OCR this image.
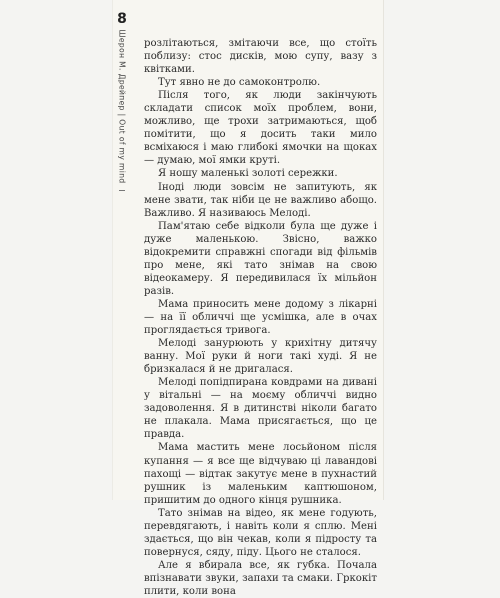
8
Шерон М. Дрейпер | Out of my mind розлітаються, змітаючи все, що стоїть поблизу: стос дисків, мою супу, вазу з квітками.

Тут явно не до самоконтролю.

Після того, як люди закінчують складати список моїх проблем, вони, можливо, ще трохи затримаються, щоб помітити, що я досить таки мило всміхаюся і маю глибокі ямочки на щоках — думаю, мої ямки круті.

Я ношу маленькі золоті сережки.

Іноді люди зовсім не запитують, як мене звати, так ніби це не важливо абощо. Важливо. Я називаюсь Мелоді.

Пам'ятаю себе відколи була ще дуже і дуже маленькою. Звісно, важко відокремити справжні спогади від фільмів про мене, які тато знімав на свою відеокамеру. Я передивилася їх мільйон разів.

Мама приносить мене додому з лікарні — на її обличчі ще усмішка, але в очах проглядається тривога.

Мелоді занурюють у крихітну дитячу ванну. Мої руки й ноги такі худі. Я не бризкалася й не дригалася.

Мелоді попідпирана ковдрами на дивані у вітальні — на моєму обличчі видно задоволення. Я в дитинстві ніколи багато не плакала. Мама присягається, що це правда.

Мама мастить мене лосьйоном після купання — я все ще відчуваю ці лавандові пахощі — відтак закутує мене в пухнастий рушник із маленьким каптюшоном, пришитим до одного кінця рушника.

Тато знімав на відео, як мене годують, перевдягають, і навіть коли я сплю. Мені здається, що він чекав, коли я підросту та повернуся, сяду, піду. Цього не сталося.

Але я вбирала все, як губка. Почала впізнавати звуки, запахи та смаки. Гркокіт плити, коли вона
